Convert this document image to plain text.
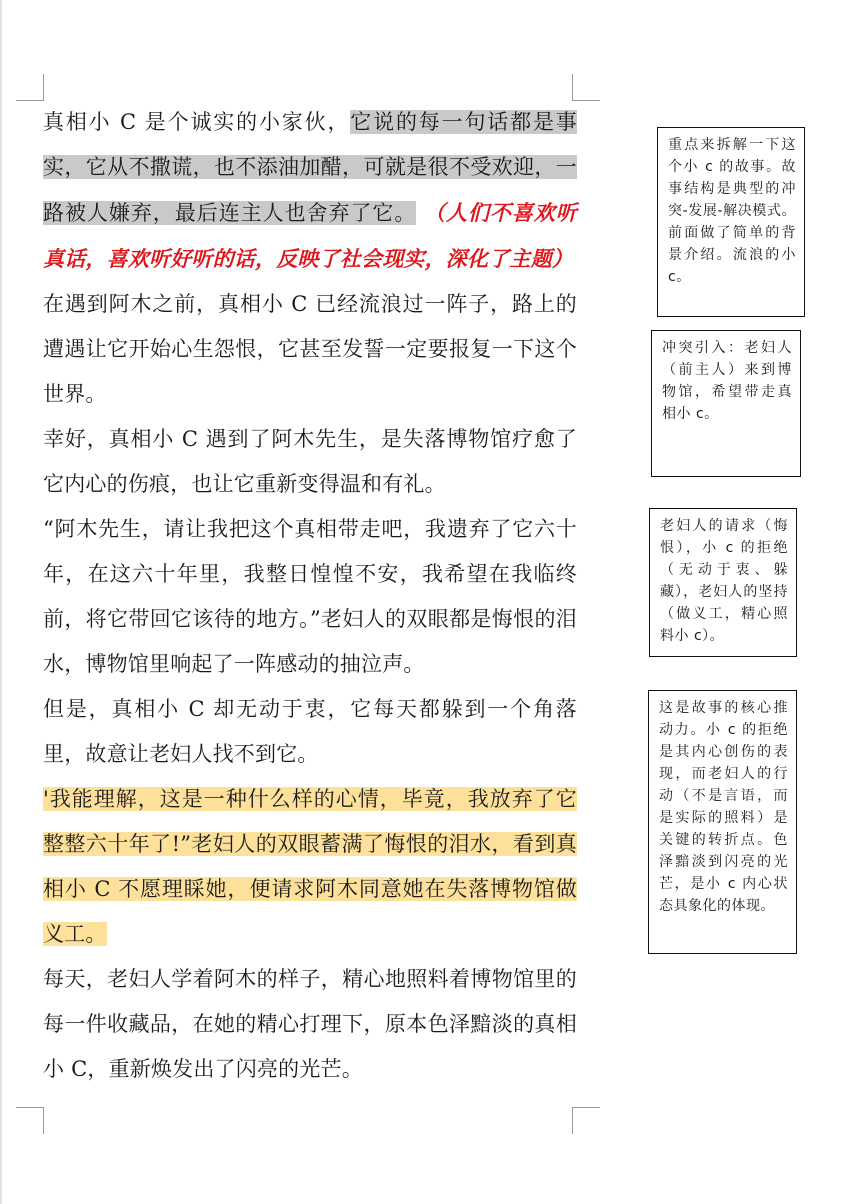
真相小 C 是个诚实的小家伙，它说的每一句话都是事实，它从不撒谎，也不添油加醋，可就是很不受欢迎，一路被人嫌弃，最后连主人也舍弃了它。 （人们不喜欢听真话，喜欢听好听的话，反映了社会现实，深化了主题）

在遇到阿木之前，真相小 C 已经流浪过一阵子，路上的遭遇让它开始心生怨恨，它甚至发誓一定要报复一下这个世界。

幸好，真相小 C 遇到了阿木先生，是失落博物馆疗愈了它内心的伤痕，也让它重新变得温和有礼。

“阿木先生，请让我把这个真相带走吧，我遗弃了它六十年，在这六十年里，我整日惶惶不安，我希望在我临终前，将它带回它该待的地方。”老妇人的双眼都是悔恨的泪水，博物馆里响起了一阵感动的抽泣声。

但是，真相小 C 却无动于衷，它每天都躲到一个角落里，故意让老妇人找不到它。

'我能理解，这是一种什么样的心情，毕竟，我放弃了它整整六十年了!”老妇人的双眼蓄满了悔恨的泪水，看到真相小 C 不愿理睬她，便请求阿木同意她在失落博物馆做义工。

每天，老妇人学着阿木的样子，精心地照料着博物馆里的每一件收藏品，在她的精心打理下，原本色泽黯淡的真相小 C，重新焕发出了闪亮的光芒。

重点来拆解一下这个小 c 的故事。故事结构是典型的冲突-发展-解决模式。前面做了简单的背景介绍。流浪的小 c。
冲突引入：老妇人（前主人）来到博物馆，希望带走真相小 c。
老妇人的请求（悔恨），小 c 的拒绝（无动于衷、躲藏），老妇人的坚持（做义工，精心照料小 c）。
这是故事的核心推动力。小 c 的拒绝是其内心创伤的表现，而老妇人的行动（不是言语，而是实际的照料）是关键的转折点。色泽黯淡到闪亮的光芒，是小 c 内心状态具象化的体现。
